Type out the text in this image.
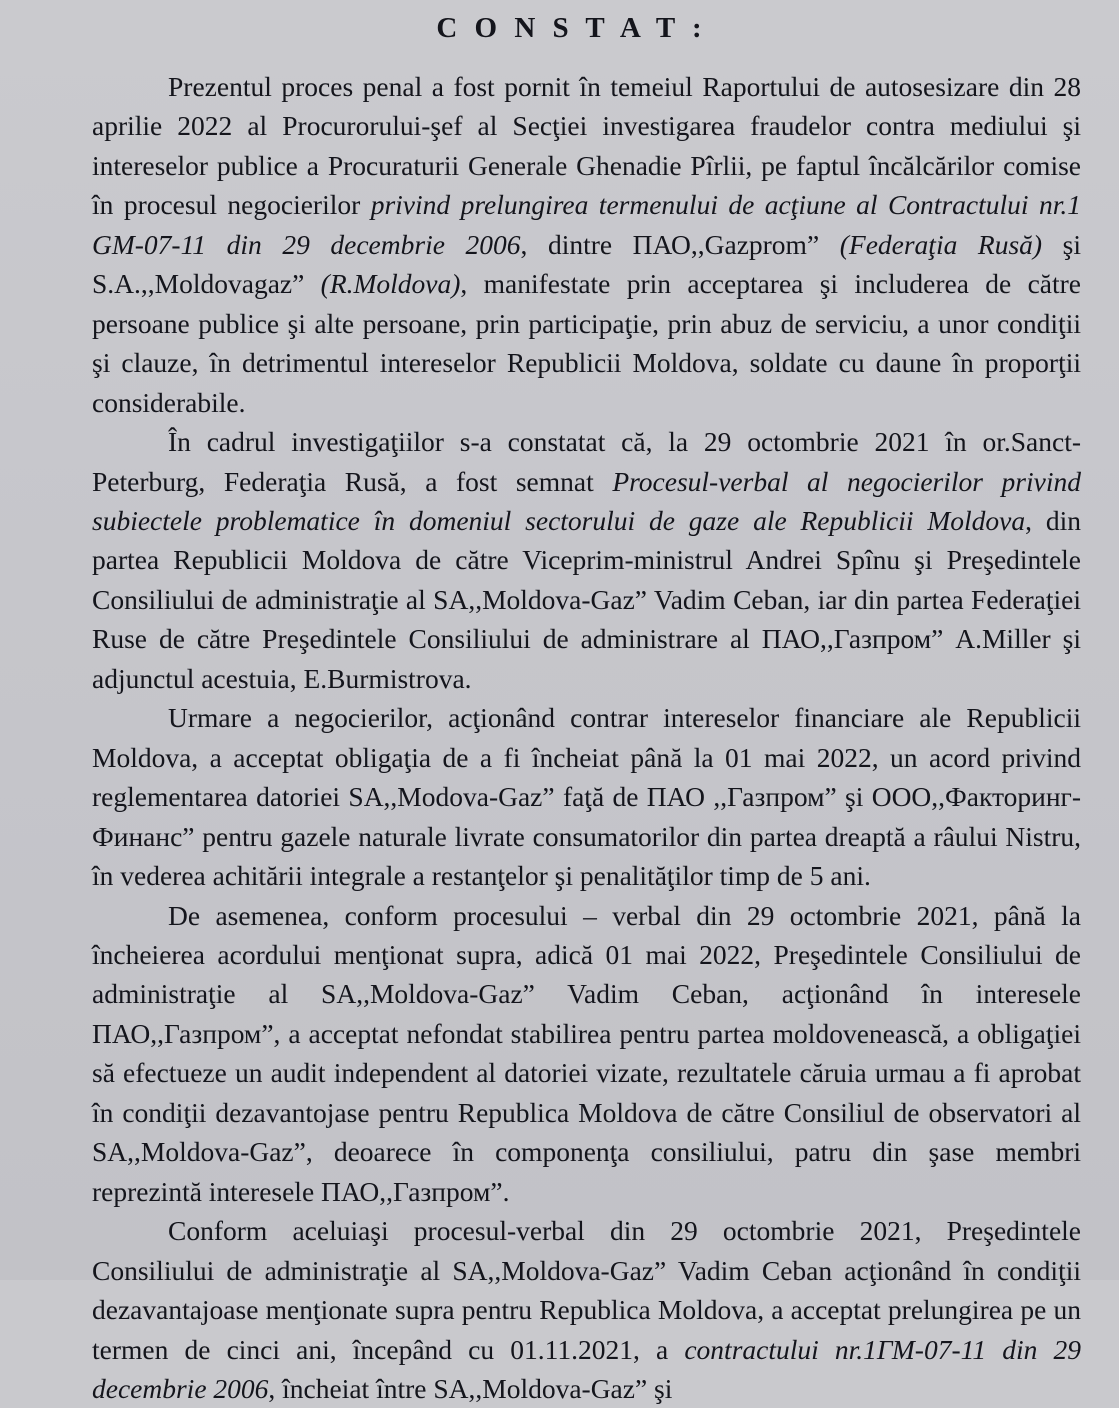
C O N S T A T :

Prezentul proces penal a fost pornit în temeiul Raportului de autosesizare din 28 aprilie 2022 al Procurorului-şef al Secţiei investigarea fraudelor contra mediului şi intereselor publice a Procuraturii Generale Ghenadie Pîrlii, pe faptul încălcărilor comise în procesul negocierilor privind prelungirea termenului de acţiune al Contractului nr.1 GM-07-11 din 29 decembrie 2006, dintre ПАО,,Gazprom” (Federaţia Rusă) şi S.A.,,Moldovagaz” (R.Moldova), manifestate prin acceptarea şi includerea de către persoane publice şi alte persoane, prin participaţie, prin abuz de serviciu, a unor condiţii şi clauze, în detrimentul intereselor Republicii Moldova, soldate cu daune în proporţii considerabile.

În cadrul investigaţiilor s-a constatat că, la 29 octombrie 2021 în or.Sanct-Peterburg, Federaţia Rusă, a fost semnat Procesul-verbal al negocierilor privind subiectele problematice în domeniul sectorului de gaze ale Republicii Moldova, din partea Republicii Moldova de către Viceprim-ministrul Andrei Spînu şi Preşedintele Consiliului de administraţie al SA,,Moldova-Gaz” Vadim Ceban, iar din partea Federaţiei Ruse de către Preşedintele Consiliului de administrare al ПАО,,Газпром” A.Miller şi adjunctul acestuia, E.Burmistrova.

Urmare a negocierilor, acţionând contrar intereselor financiare ale Republicii Moldova, a acceptat obligaţia de a fi încheiat până la 01 mai 2022, un acord privind reglementarea datoriei SA,,Modova-Gaz” faţă de ПАО ,,Газпром” şi ООО,,Факторинг-Финанс” pentru gazele naturale livrate consumatorilor din partea dreaptă a râului Nistru, în vederea achitării integrale a restanţelor şi penalităţilor timp de 5 ani.

De asemenea, conform procesului – verbal din 29 octombrie 2021, până la încheierea acordului menţionat supra, adică 01 mai 2022, Preşedintele Consiliului de administraţie al SA,,Moldova-Gaz” Vadim Ceban, acţionând în interesele ПАО,,Газпром”, a acceptat nefondat stabilirea pentru partea moldovenească, a obligaţiei să efectueze un audit independent al datoriei vizate, rezultatele căruia urmau a fi aprobat în condiţii dezavantojase pentru Republica Moldova de către Consiliul de observatori al SA,,Moldova-Gaz”, deoarece în componenţa consiliului, patru din şase membri reprezintă interesele ПАО,,Газпром”.

Conform aceluiaşi procesul-verbal din 29 octombrie 2021, Preşedintele Consiliului de administraţie al SA,,Moldova-Gaz” Vadim Ceban acţionând în condiţii dezavantajoase menţionate supra pentru Republica Moldova, a acceptat prelungirea pe un termen de cinci ani, începând cu 01.11.2021, a contractului nr.1ГМ-07-11 din 29 decembrie 2006, încheiat între SA,,Moldova-Gaz” şi
